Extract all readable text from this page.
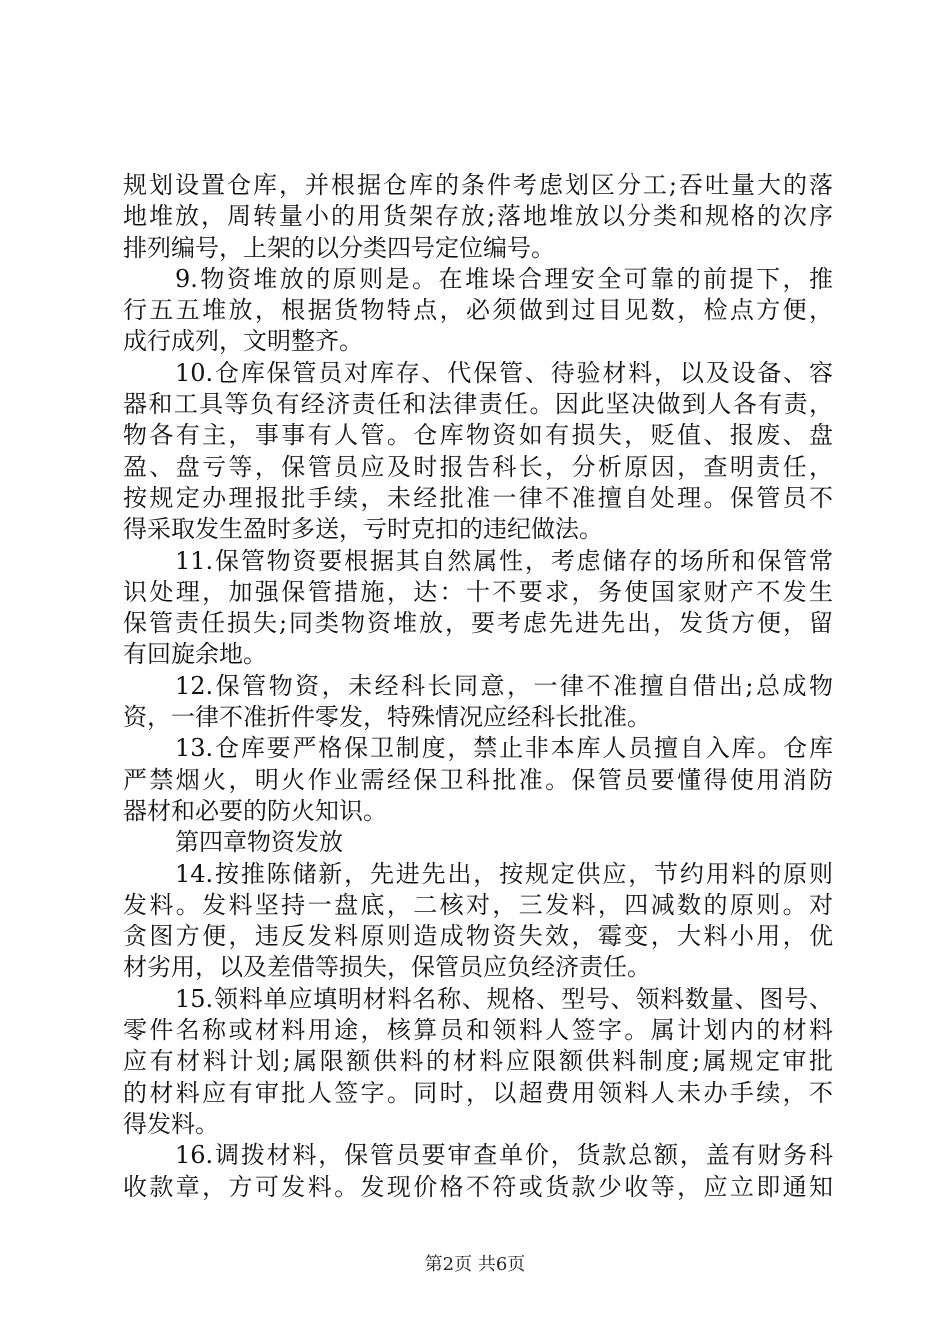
规划设置仓库，并根据仓库的条件考虑划区分工;吞吐量大的落
地堆放，周转量小的用货架存放;落地堆放以分类和规格的次序
排列编号，上架的以分类四号定位编号。
9.物资堆放的原则是。在堆垛合理安全可靠的前提下，推
行五五堆放，根据货物特点，必须做到过目见数，检点方便，
成行成列，文明整齐。
10.仓库保管员对库存、代保管、待验材料，以及设备、容
器和工具等负有经济责任和法律责任。因此坚决做到人各有责，
物各有主，事事有人管。仓库物资如有损失，贬值、报废、盘
盈、盘亏等，保管员应及时报告科长，分析原因，查明责任，
按规定办理报批手续，未经批准一律不准擅自处理。保管员不
得采取发生盈时多送，亏时克扣的违纪做法。
11.保管物资要根据其自然属性，考虑储存的场所和保管常
识处理，加强保管措施，达：十不要求，务使国家财产不发生
保管责任损失;同类物资堆放，要考虑先进先出，发货方便，留
有回旋余地。
12.保管物资，未经科长同意，一律不准擅自借出;总成物
资，一律不准折件零发，特殊情况应经科长批准。
13.仓库要严格保卫制度，禁止非本库人员擅自入库。仓库
严禁烟火，明火作业需经保卫科批准。保管员要懂得使用消防
器材和必要的防火知识。
第四章物资发放
14.按推陈储新，先进先出，按规定供应，节约用料的原则
发料。发料坚持一盘底，二核对，三发料，四减数的原则。对
贪图方便，违反发料原则造成物资失效，霉变，大料小用，优
材劣用，以及差借等损失，保管员应负经济责任。
15.领料单应填明材料名称、规格、型号、领料数量、图号、
零件名称或材料用途，核算员和领料人签字。属计划内的材料
应有材料计划;属限额供料的材料应限额供料制度;属规定审批
的材料应有审批人签字。同时，以超费用领料人未办手续，不
得发料。
16.调拨材料，保管员要审查单价，货款总额，盖有财务科
收款章，方可发料。发现价格不符或货款少收等，应立即通知
第2页 共6页
